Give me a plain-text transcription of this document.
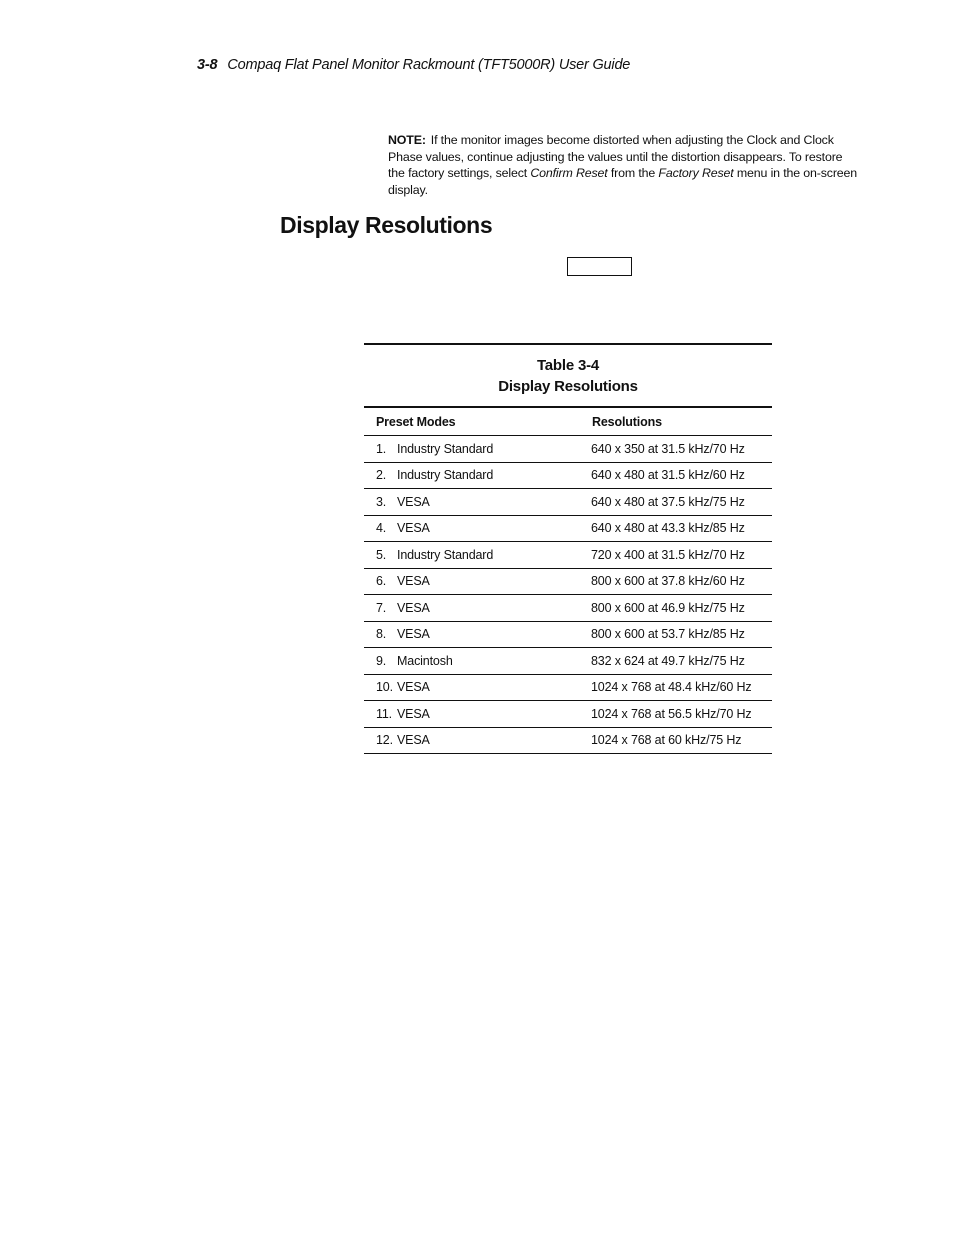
3-8 Compaq Flat Panel Monitor Rackmount (TFT5000R) User Guide
NOTE: If the monitor images become distorted when adjusting the Clock and Clock Phase values, continue adjusting the values until the distortion disappears. To restore the factory settings, select Confirm Reset from the Factory Reset menu in the on-screen display.
Display Resolutions
Table 3-4
Display Resolutions
Preset Modes	Resolutions
1. Industry Standard	640 x 350 at 31.5 kHz/70 Hz
2. Industry Standard	640 x 480 at 31.5 kHz/60 Hz
3. VESA	640 x 480 at 37.5 kHz/75 Hz
4. VESA	640 x 480 at 43.3 kHz/85 Hz
5. Industry Standard	720 x 400 at 31.5 kHz/70 Hz
6. VESA	800 x 600 at 37.8 kHz/60 Hz
7. VESA	800 x 600 at 46.9 kHz/75 Hz
8. VESA	800 x 600 at 53.7 kHz/85 Hz
9. Macintosh	832 x 624 at 49.7 kHz/75 Hz
10. VESA	1024 x 768 at 48.4 kHz/60 Hz
11. VESA	1024 x 768 at 56.5 kHz/70 Hz
12. VESA	1024 x 768 at 60 kHz/75 Hz
